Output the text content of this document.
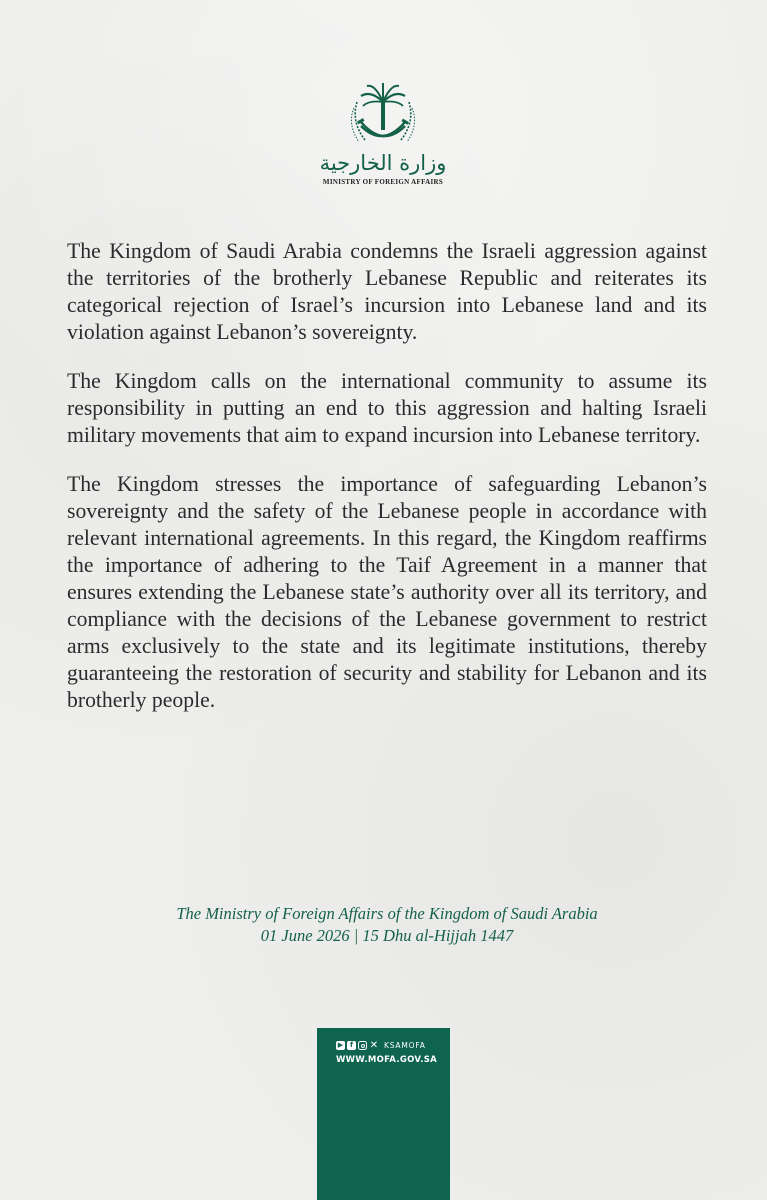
وزارة الخارجية
MINISTRY OF FOREIGN AFFAIRS

The Kingdom of Saudi Arabia condemns the Israeli aggression against the territories of the brotherly Lebanese Republic and reiterates its categorical rejection of Israel’s incursion into Lebanese land and its violation against Lebanon’s sovereignty.

The Kingdom calls on the international community to assume its responsibility in putting an end to this aggression and halting Israeli military movements that aim to expand incursion into Lebanese territory.

The Kingdom stresses the importance of safeguarding Lebanon’s sovereignty and the safety of the Lebanese people in accordance with relevant international agreements. In this regard, the Kingdom reaffirms the importance of adhering to the Taif Agreement in a manner that ensures extending the Lebanese state’s authority over all its territory, and compliance with the decisions of the Lebanese government to restrict arms exclusively to the state and its legitimate institutions, thereby guaranteeing the restoration of security and stability for Lebanon and its brotherly people.

The Ministry of Foreign Affairs of the Kingdom of Saudi Arabia
01 June 2026 | 15 Dhu al-Hijjah 1447
▶ f ✕ KSAMOFA
WWW.MOFA.GOV.SA
